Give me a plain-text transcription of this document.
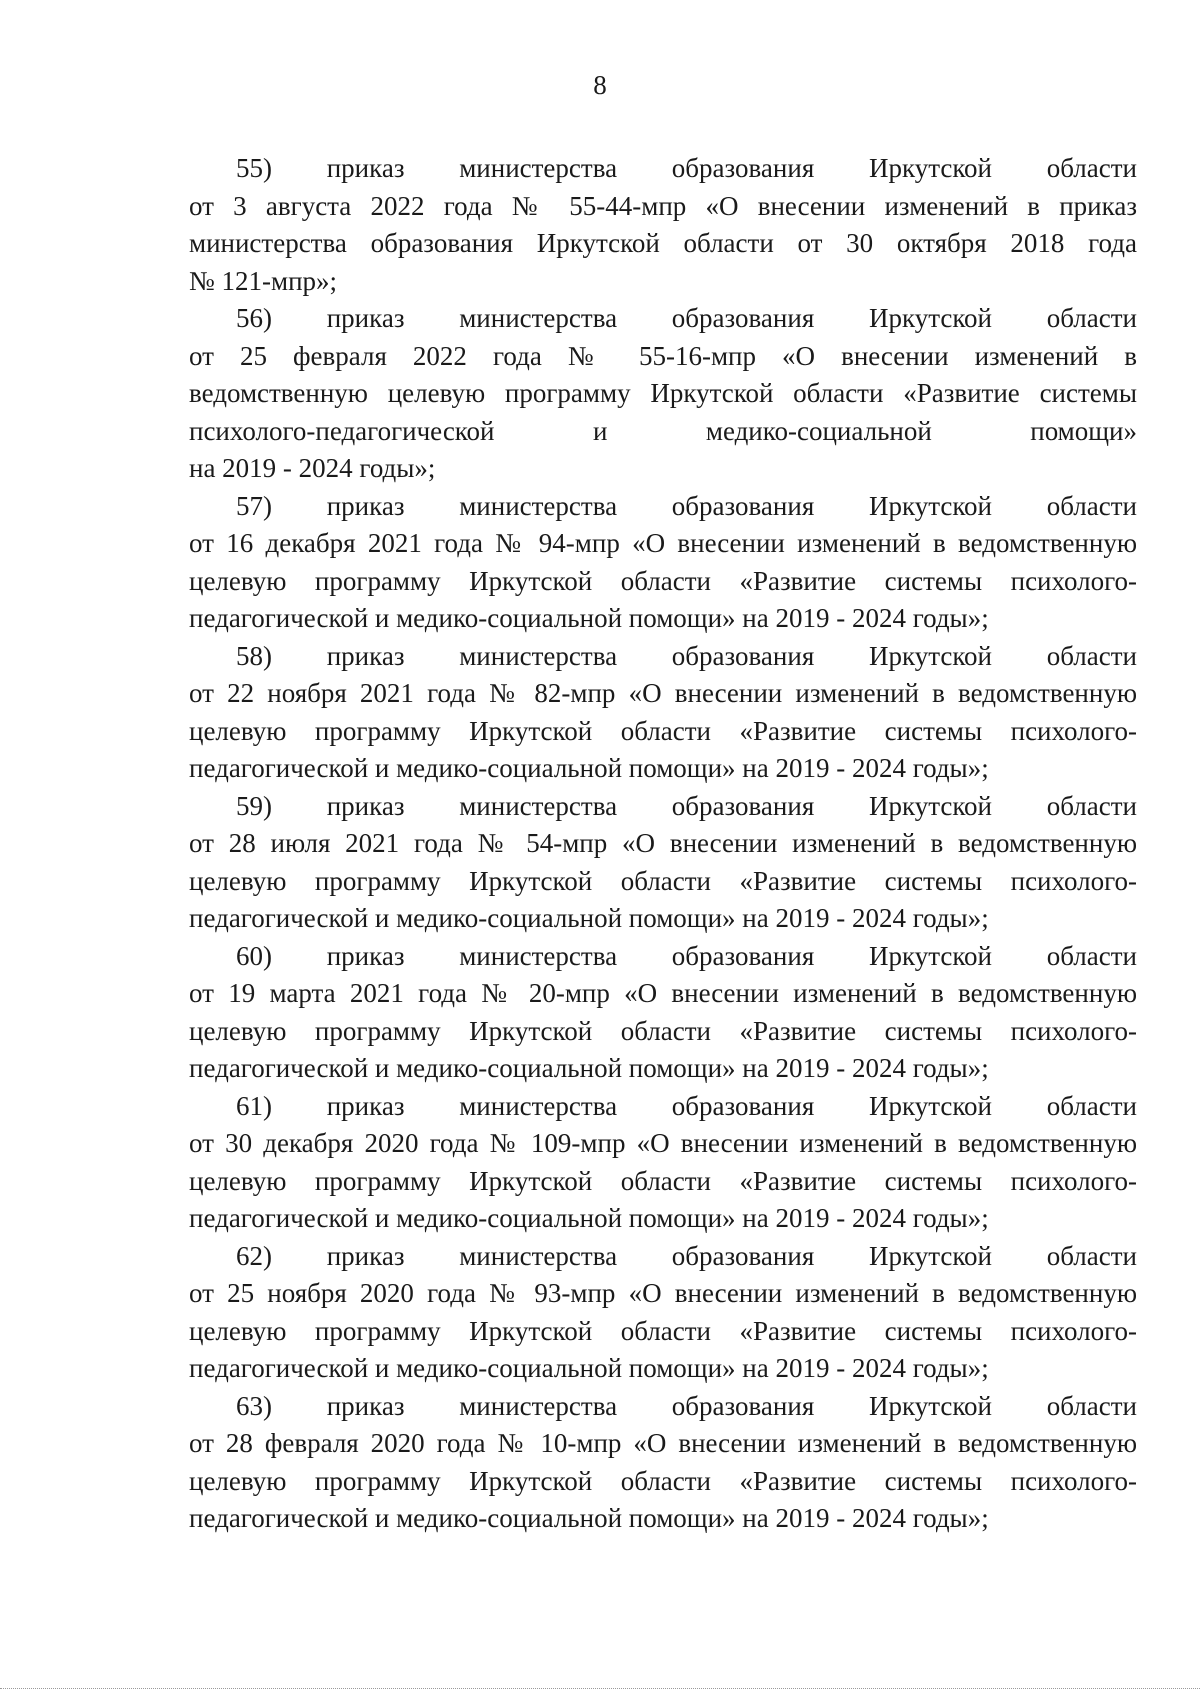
8
55) приказ министерства образования Иркутской области
от 3 августа 2022 года № 55-44-мпр «О внесении изменений в приказ
министерства образования Иркутской области от 30 октября 2018 года
№ 121-мпр»;
56) приказ министерства образования Иркутской области
от 25 февраля 2022 года № 55-16-мпр «О внесении изменений в
ведомственную целевую программу Иркутской области «Развитие системы
психолого-педагогической и медико-социальной помощи»
на 2019 - 2024 годы»;
57) приказ министерства образования Иркутской области
от 16 декабря 2021 года № 94-мпр «О внесении изменений в ведомственную
целевую программу Иркутской области «Развитие системы психолого-
педагогической и медико-социальной помощи» на 2019 - 2024 годы»;
58) приказ министерства образования Иркутской области
от 22 ноября 2021 года № 82-мпр «О внесении изменений в ведомственную
целевую программу Иркутской области «Развитие системы психолого-
педагогической и медико-социальной помощи» на 2019 - 2024 годы»;
59) приказ министерства образования Иркутской области
от 28 июля 2021 года № 54-мпр «О внесении изменений в ведомственную
целевую программу Иркутской области «Развитие системы психолого-
педагогической и медико-социальной помощи» на 2019 - 2024 годы»;
60) приказ министерства образования Иркутской области
от 19 марта 2021 года № 20-мпр «О внесении изменений в ведомственную
целевую программу Иркутской области «Развитие системы психолого-
педагогической и медико-социальной помощи» на 2019 - 2024 годы»;
61) приказ министерства образования Иркутской области
от 30 декабря 2020 года № 109-мпр «О внесении изменений в ведомственную
целевую программу Иркутской области «Развитие системы психолого-
педагогической и медико-социальной помощи» на 2019 - 2024 годы»;
62) приказ министерства образования Иркутской области
от 25 ноября 2020 года № 93-мпр «О внесении изменений в ведомственную
целевую программу Иркутской области «Развитие системы психолого-
педагогической и медико-социальной помощи» на 2019 - 2024 годы»;
63) приказ министерства образования Иркутской области
от 28 февраля 2020 года № 10-мпр «О внесении изменений в ведомственную
целевую программу Иркутской области «Развитие системы психолого-
педагогической и медико-социальной помощи» на 2019 - 2024 годы»;
